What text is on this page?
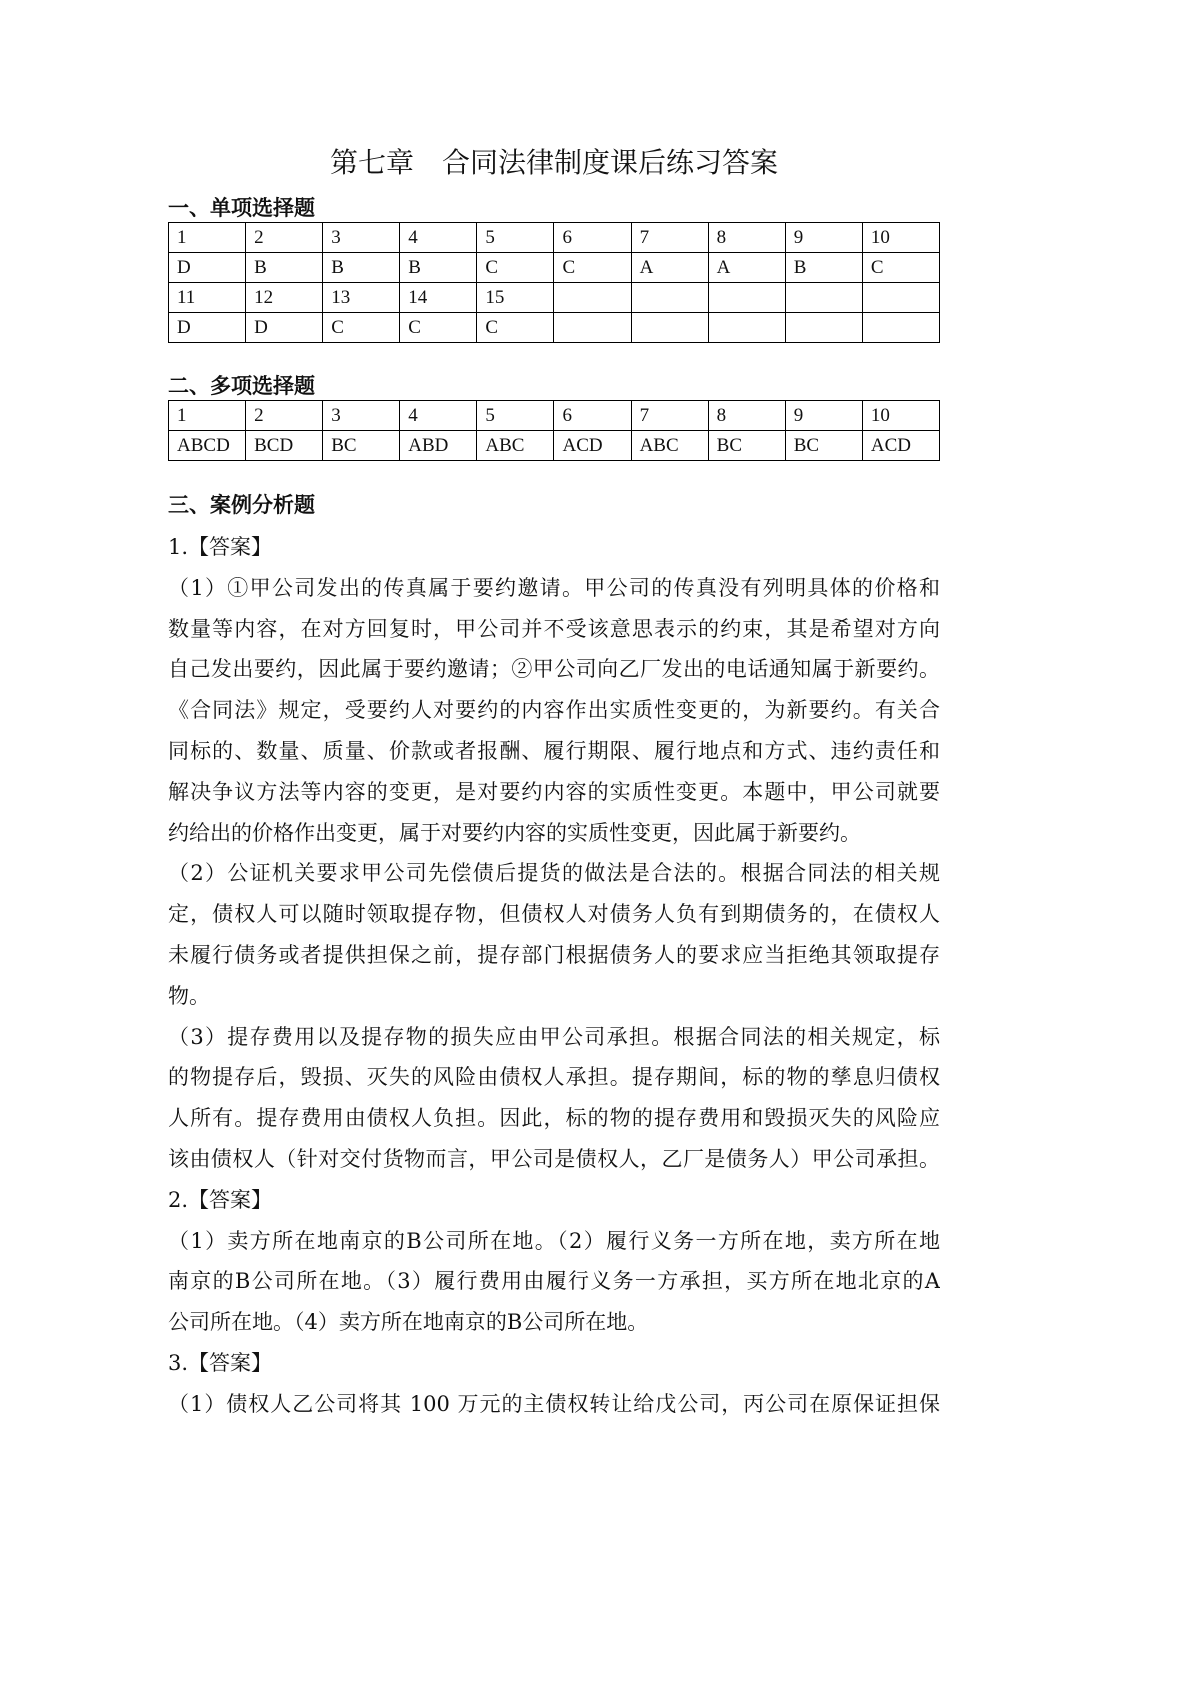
第七章　合同法律制度课后练习答案
一、单项选择题
1	2	3	4	5	6	7	8	9	10
D	B	B	B	C	C	A	A	B	C
11	12	13	14	15					
D	D	C	C	C					
二、多项选择题
1	2	3	4	5	6	7	8	9	10
ABCD	BCD	BC	ABD	ABC	ACD	ABC	BC	BC	ACD
三、案例分析题
1.【答案】
（1）①甲公司发出的传真属于要约邀请。甲公司的传真没有列明具体的价格和
数量等内容，在对方回复时，甲公司并不受该意思表示的约束，其是希望对方向
自己发出要约，因此属于要约邀请；②甲公司向乙厂发出的电话通知属于新要约。
《合同法》规定，受要约人对要约的内容作出实质性变更的，为新要约。有关合
同标的、数量、质量、价款或者报酬、履行期限、履行地点和方式、违约责任和
解决争议方法等内容的变更，是对要约内容的实质性变更。本题中，甲公司就要
约给出的价格作出变更，属于对要约内容的实质性变更，因此属于新要约。
（2）公证机关要求甲公司先偿债后提货的做法是合法的。根据合同法的相关规
定，债权人可以随时领取提存物，但债权人对债务人负有到期债务的，在债权人
未履行债务或者提供担保之前，提存部门根据债务人的要求应当拒绝其领取提存
物。
（3）提存费用以及提存物的损失应由甲公司承担。根据合同法的相关规定，标
的物提存后，毁损、灭失的风险由债权人承担。提存期间，标的物的孳息归债权
人所有。提存费用由债权人负担。因此，标的物的提存费用和毁损灭失的风险应
该由债权人（针对交付货物而言，甲公司是债权人，乙厂是债务人）甲公司承担。
2.【答案】
（1）卖方所在地南京的B公司所在地。（2）履行义务一方所在地，卖方所在地
南京的B公司所在地。（3）履行费用由履行义务一方承担，买方所在地北京的A
公司所在地。（4）卖方所在地南京的B公司所在地。
3.【答案】
（1）债权人乙公司将其 100 万元的主债权转让给戊公司，丙公司在原保证担保
